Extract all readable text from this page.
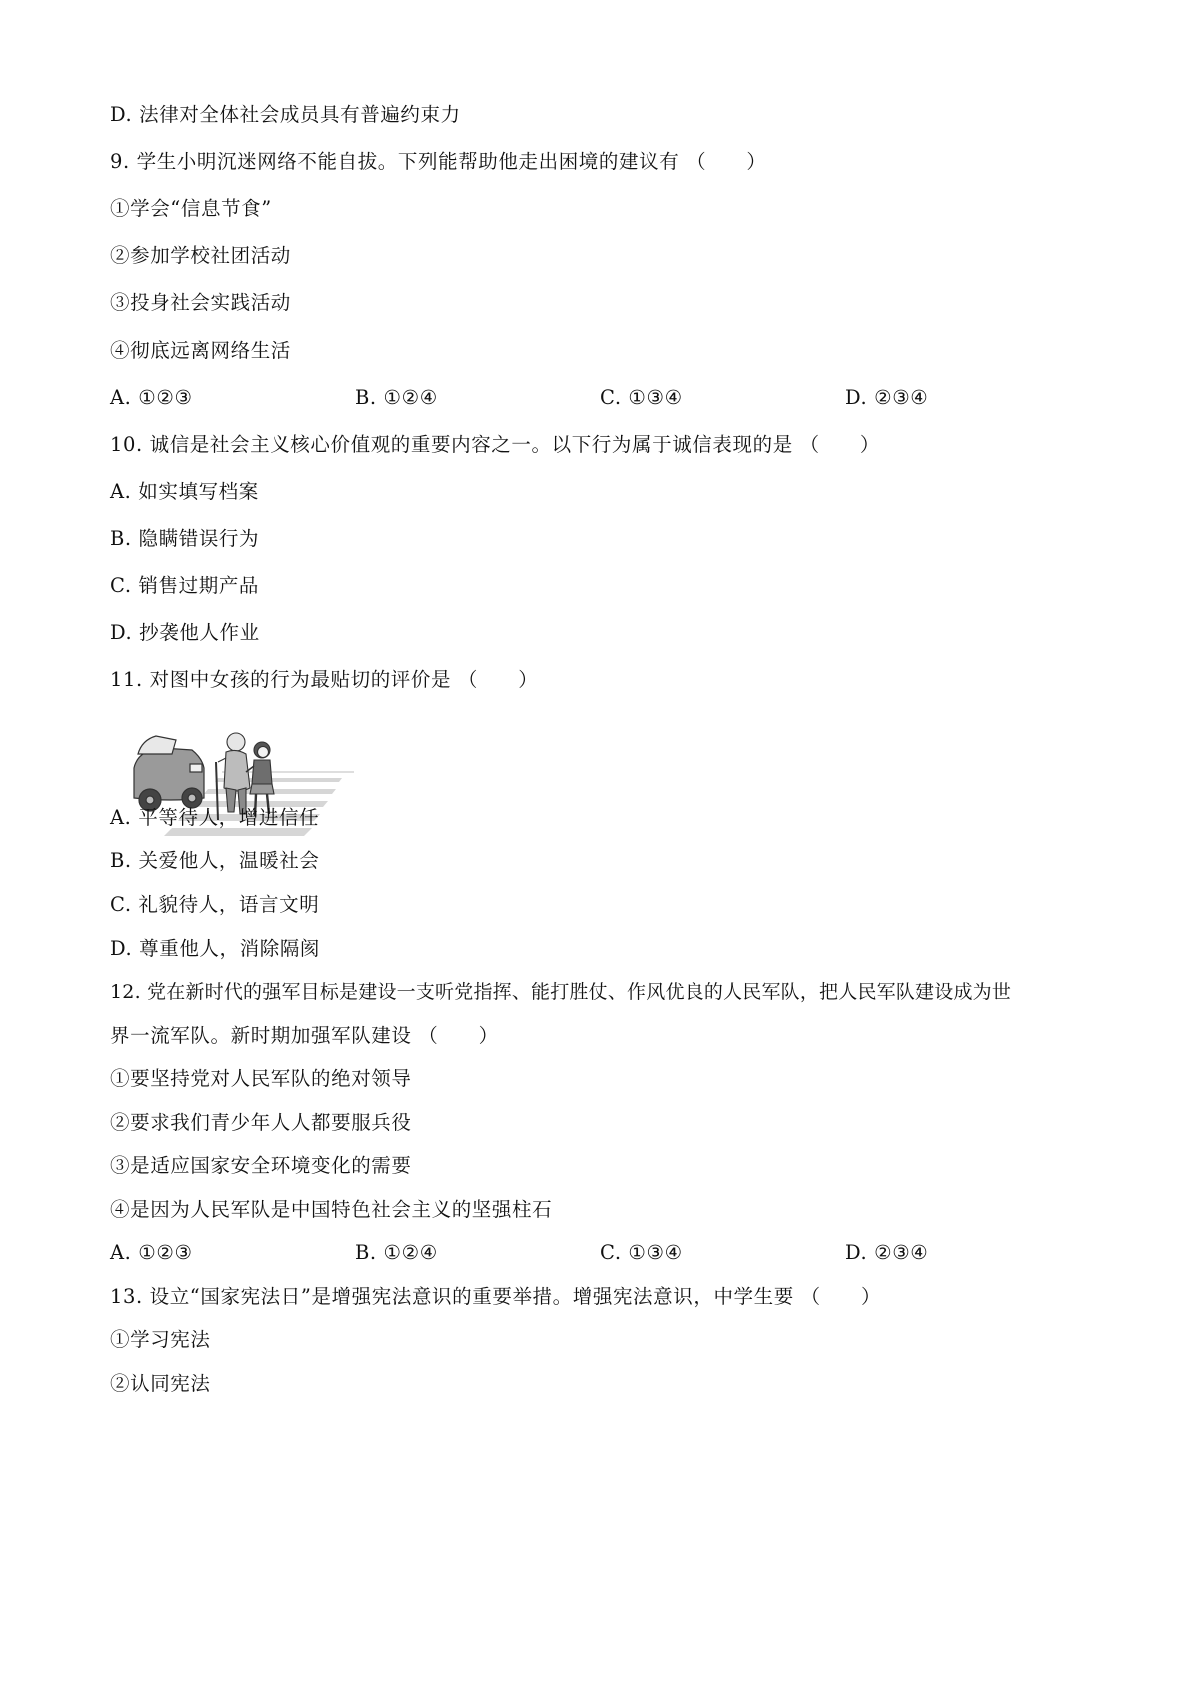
D. 法律对全体社会成员具有普遍约束力
9. 学生小明沉迷网络不能自拔。下列能帮助他走出困境的建议有 （　　）
①学会“信息节食”
②参加学校社团活动
③投身社会实践活动
④彻底远离网络生活
A. ①②③	B. ①②④	C. ①③④	D. ②③④
10. 诚信是社会主义核心价值观的重要内容之一。以下行为属于诚信表现的是 （　　）
A. 如实填写档案
B. 隐瞒错误行为
C. 销售过期产品
D. 抄袭他人作业
11. 对图中女孩的行为最贴切的评价是 （　　）
A. 平等待人，增进信任
B. 关爱他人，温暖社会
C. 礼貌待人，语言文明
D. 尊重他人，消除隔阂
12. 党在新时代的强军目标是建设一支听党指挥、能打胜仗、作风优良的人民军队，把人民军队建设成为世
界一流军队。新时期加强军队建设 （　　）
①要坚持党对人民军队的绝对领导
②要求我们青少年人人都要服兵役
③是适应国家安全环境变化的需要
④是因为人民军队是中国特色社会主义的坚强柱石
A. ①②③	B. ①②④	C. ①③④	D. ②③④
13. 设立“国家宪法日”是增强宪法意识的重要举措。增强宪法意识，中学生要 （　　）
①学习宪法
②认同宪法
